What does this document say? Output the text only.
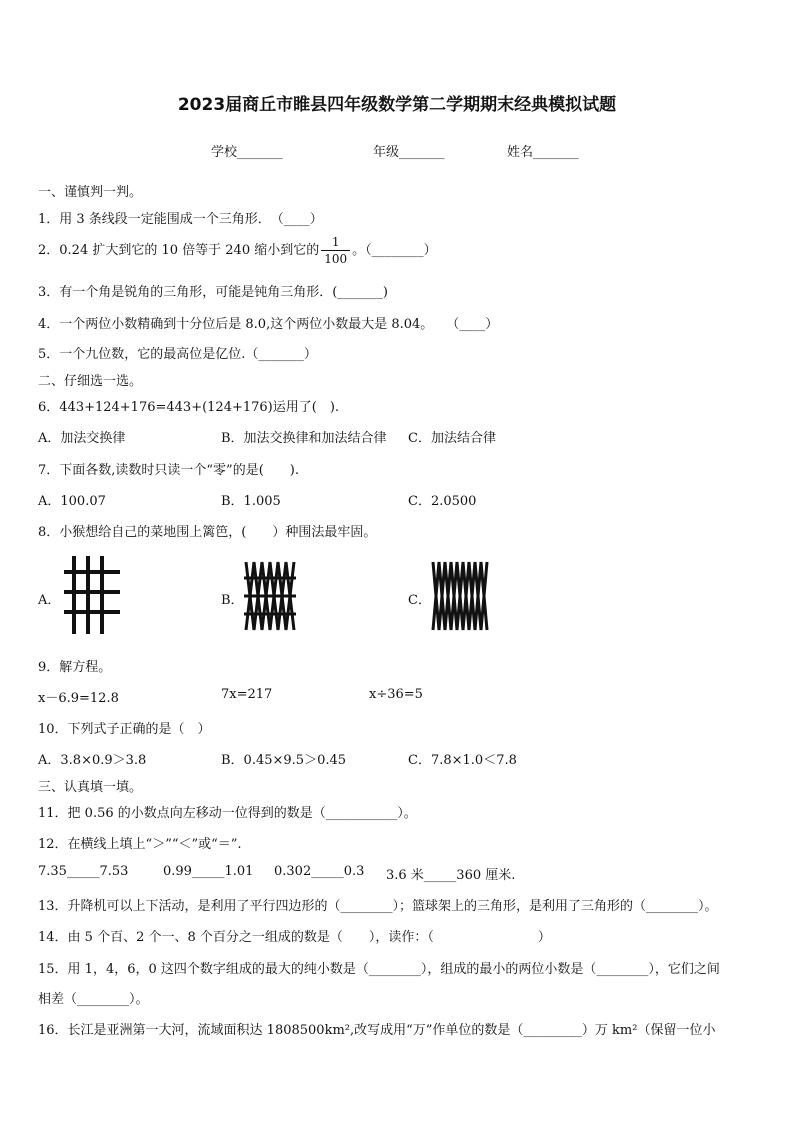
2023届商丘市睢县四年级数学第二学期期末经典模拟试题
学校_______	年级_______	姓名_______
一、谨慎判一判。
1．用 3 条线段一定能围成一个三角形．　（____）
2．0.24 扩大到它的 10 倍等于 240 缩小到它的 $\frac{1}{100}$ 。（________）
3．有一个角是锐角的三角形，可能是钝角三角形．(_______)
4．一个两位小数精确到十分位后是 8.0,这个两位小数最大是 8.04。　　（____）
5．一个九位数，它的最高位是亿位.（_______）
二、仔细选一选。
6．443+124+176=443+(124+176)运用了(　).
A．加法交换律	B．加法交换律和加法结合律 C．加法结合律
7．下面各数,读数时只读一个“零”的是(　　).
A．100.07	B．1.005	C．2.0500
8．小猴想给自己的菜地围上篱笆，(　　）种围法最牢固。
A．	B．	C．
9．解方程。
x－6.9=12.8	7x=217	x÷36=5
10．下列式子正确的是（　）
A．3.8×0.9＞3.8	B．0.45×9.5＞0.45	C．7.8×1.0＜7.8
三、认真填一填。
11．把 0.56 的小数点向左移动一位得到的数是（___________）。
12．在横线上填上“＞”“＜”或“＝”.
7.35_____7.53	0.99_____1.01 0.302_____0.3 3.6 米_____360 厘米.
13．升降机可以上下活动，是利用了平行四边形的（________）；篮球架上的三角形，是利用了三角形的（________）。
14．由 5 个百、2 个一、8 个百分之一组成的数是（　　），读作：（　　　　　　　　）
15．用 1，4，6，0 这四个数字组成的最大的纯小数是（________），组成的最小的两位小数是（________），它们之间
相差（________）。
16．长江是亚洲第一大河，流域面积达 1808500km²,改写成用“万”作单位的数是（_________）万 km²（保留一位小
